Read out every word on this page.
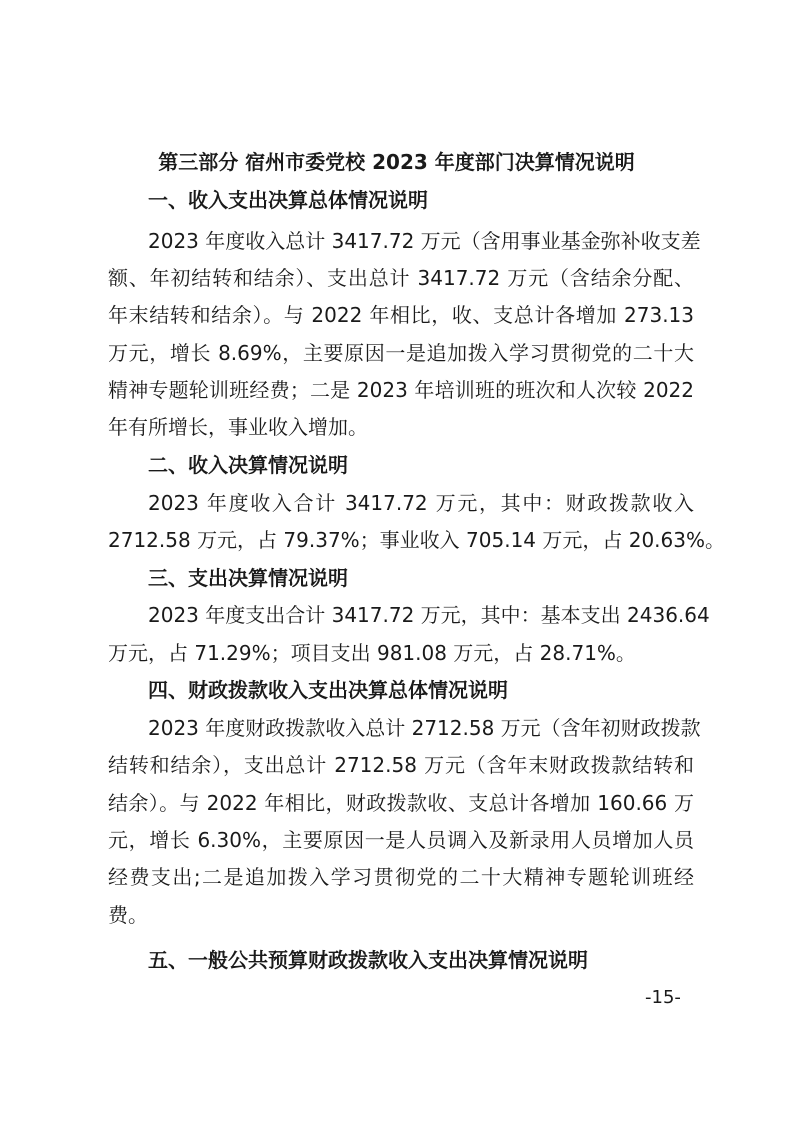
第三部分 宿州市委党校 2023 年度部门决算情况说明
一、收入支出决算总体情况说明
2023 年度收入总计 3417.72 万元（含用事业基金弥补收支差
额、年初结转和结余）、支出总计 3417.72 万元（含结余分配、
年末结转和结余）。与 2022 年相比，收、支总计各增加 273.13
万元，增长 8.69%，主要原因一是追加拨入学习贯彻党的二十大
精神专题轮训班经费；二是 2023 年培训班的班次和人次较 2022
年有所增长，事业收入增加。
二、收入决算情况说明
2023 年度收入合计 3417.72 万元，其中：财政拨款收入
2712.58 万元，占 79.37%；事业收入 705.14 万元，占 20.63%。
三、支出决算情况说明
2023 年度支出合计 3417.72 万元，其中：基本支出 2436.64
万元，占 71.29%；项目支出 981.08 万元，占 28.71%。
四、财政拨款收入支出决算总体情况说明
2023 年度财政拨款收入总计 2712.58 万元（含年初财政拨款
结转和结余），支出总计 2712.58 万元（含年末财政拨款结转和
结余）。与 2022 年相比，财政拨款收、支总计各增加 160.66 万
元，增长 6.30%，主要原因一是人员调入及新录用人员增加人员
经费支出;二是追加拨入学习贯彻党的二十大精神专题轮训班经
费。
五、一般公共预算财政拨款收入支出决算情况说明
-15-
